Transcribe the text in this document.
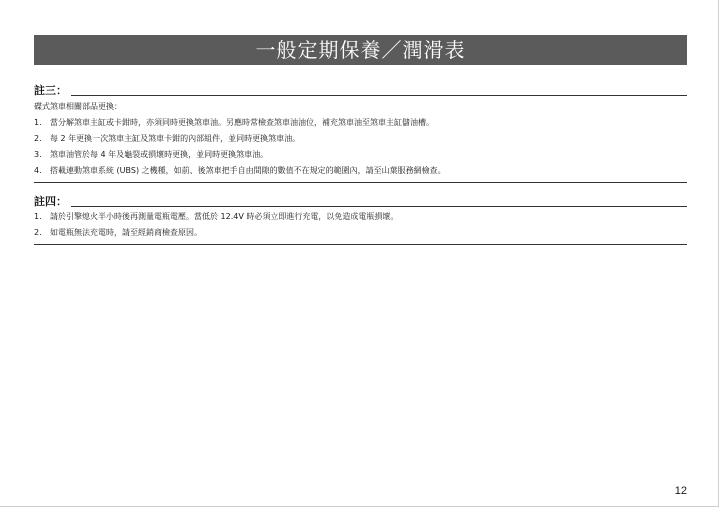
一般定期保養／潤滑表
註三：
碟式煞車相關部品更換：
1.	當分解煞車主缸或卡鉗時，亦須同時更換煞車油。另應時常檢查煞車油油位，補充煞車油至煞車主缸儲油槽。
2.	每 2 年更換一次煞車主缸及煞車卡鉗的內部組件，並同時更換煞車油。
3.	煞車油管於每 4 年及龜裂或損壞時更換，並同時更換煞車油。
4.	搭載連動煞車系統 (UBS) 之機種，如前、後煞車把手自由間隙的數值不在規定的範圍內，請至山葉服務網檢查。
註四：
1.	請於引擎熄火半小時後再測量電瓶電壓。當低於 12.4V 時必須立即進行充電，以免造成電瓶損壞。
2.	如電瓶無法充電時，請至經銷商檢查原因。
12
